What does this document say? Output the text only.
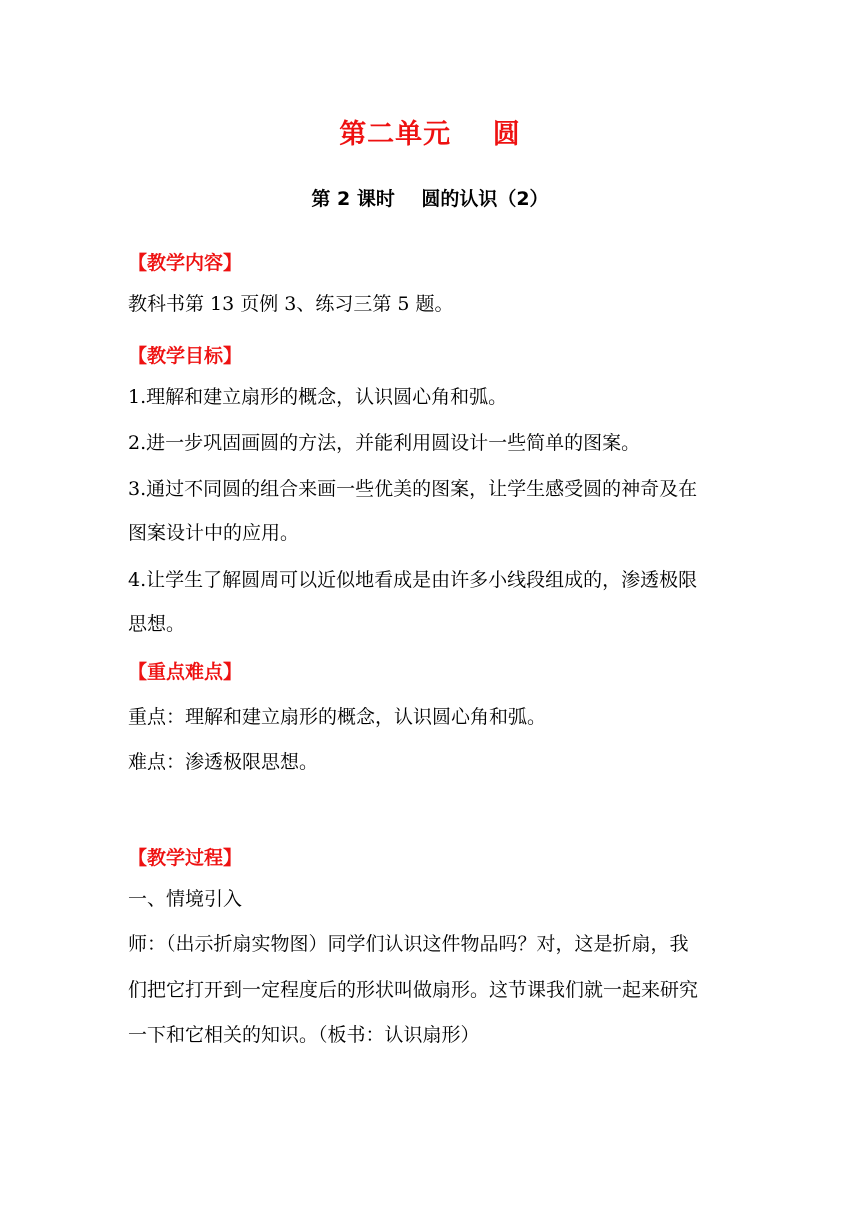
第二单元    圆
第 2 课时    圆的认识（2）
【教学内容】
教科书第 13 页例 3、练习三第 5 题。
【教学目标】
1.理解和建立扇形的概念，认识圆心角和弧。
2.进一步巩固画圆的方法，并能利用圆设计一些简单的图案。
3.通过不同圆的组合来画一些优美的图案，让学生感受圆的神奇及在
图案设计中的应用。
4.让学生了解圆周可以近似地看成是由许多小线段组成的，渗透极限
思想。
【重点难点】
重点：理解和建立扇形的概念，认识圆心角和弧。
难点：渗透极限思想。
【教学过程】
一、情境引入
师：（出示折扇实物图）同学们认识这件物品吗？对，这是折扇，我
们把它打开到一定程度后的形状叫做扇形。这节课我们就一起来研究
一下和它相关的知识。（板书：认识扇形）
